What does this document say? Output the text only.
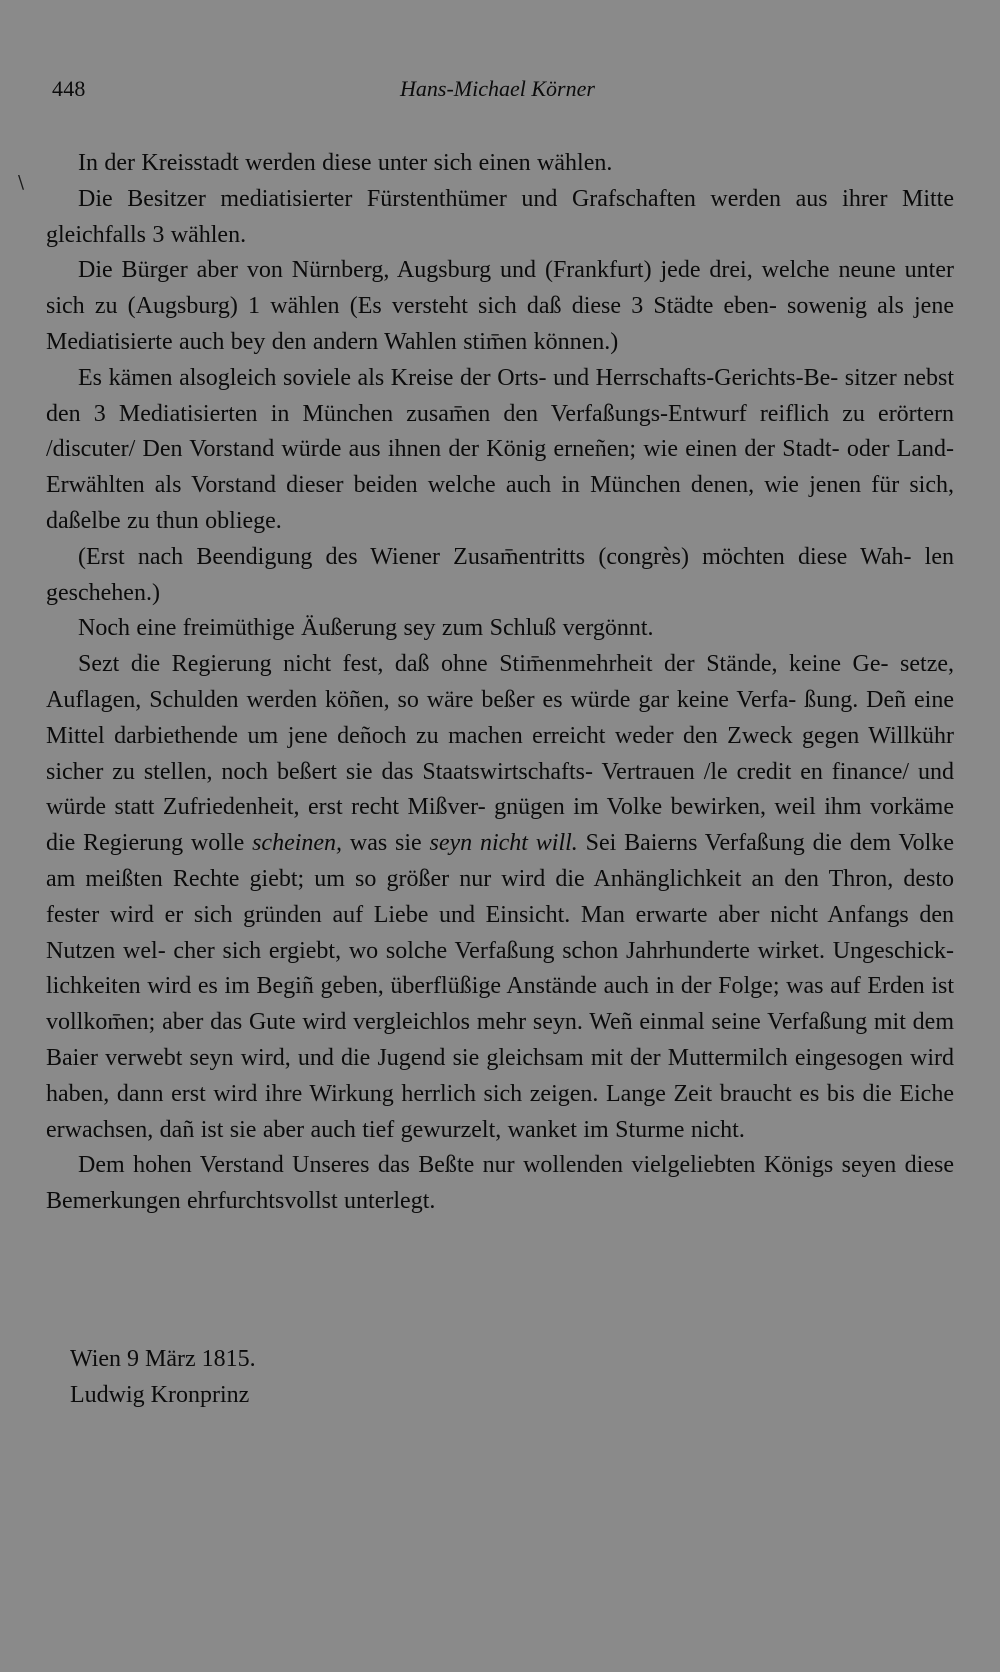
448	Hans-Michael Körner
\

In der Kreisstadt werden diese unter sich einen wählen.

Die Besitzer mediatisierter Fürstenthümer und Grafschaften werden aus ihrer Mitte gleichfalls 3 wählen.

Die Bürger aber von Nürnberg, Augsburg und (Frankfurt) jede drei, welche neune unter sich zu (Augsburg) 1 wählen (Es versteht sich daß diese 3 Städte eben- sowenig als jene Mediatisierte auch bey den andern Wahlen stim̄en können.)

Es kämen alsogleich soviele als Kreise der Orts- und Herrschafts-Gerichts-Be- sitzer nebst den 3 Mediatisierten in München zusam̄en den Verfaßungs-Entwurf reiflich zu erörtern /discuter/ Den Vorstand würde aus ihnen der König erneñen; wie einen der Stadt- oder Land-Erwählten als Vorstand dieser beiden welche auch in München denen, wie jenen für sich, daßelbe zu thun obliege.

(Erst nach Beendigung des Wiener Zusam̄entritts (congrès) möchten diese Wah- len geschehen.)

Noch eine freimüthige Äußerung sey zum Schluß vergönnt.

Sezt die Regierung nicht fest, daß ohne Stim̄enmehrheit der Stände, keine Ge- setze, Auflagen, Schulden werden köñen, so wäre beßer es würde gar keine Verfa- ßung. Deñ eine Mittel darbiethende um jene deñoch zu machen erreicht weder den Zweck gegen Willkühr sicher zu stellen, noch beßert sie das Staatswirtschafts- Vertrauen /le credit en finance/ und würde statt Zufriedenheit, erst recht Mißver- gnügen im Volke bewirken, weil ihm vorkäme die Regierung wolle scheinen, was sie seyn nicht will. Sei Baierns Verfaßung die dem Volke am meißten Rechte giebt; um so größer nur wird die Anhänglichkeit an den Thron, desto fester wird er sich gründen auf Liebe und Einsicht. Man erwarte aber nicht Anfangs den Nutzen wel- cher sich ergiebt, wo solche Verfaßung schon Jahrhunderte wirket. Ungeschick- lichkeiten wird es im Begiñ geben, überflüßige Anstände auch in der Folge; was auf Erden ist vollkom̄en; aber das Gute wird vergleichlos mehr seyn. Weñ einmal seine Verfaßung mit dem Baier verwebt seyn wird, und die Jugend sie gleichsam mit der Muttermilch eingesogen wird haben, dann erst wird ihre Wirkung herrlich sich zeigen. Lange Zeit braucht es bis die Eiche erwachsen, dañ ist sie aber auch tief gewurzelt, wanket im Sturme nicht.

Dem hohen Verstand Unseres das Beßte nur wollenden vielgeliebten Königs seyen diese Bemerkungen ehrfurchtsvollst unterlegt.

Wien 9 März 1815.
Ludwig Kronprinz
